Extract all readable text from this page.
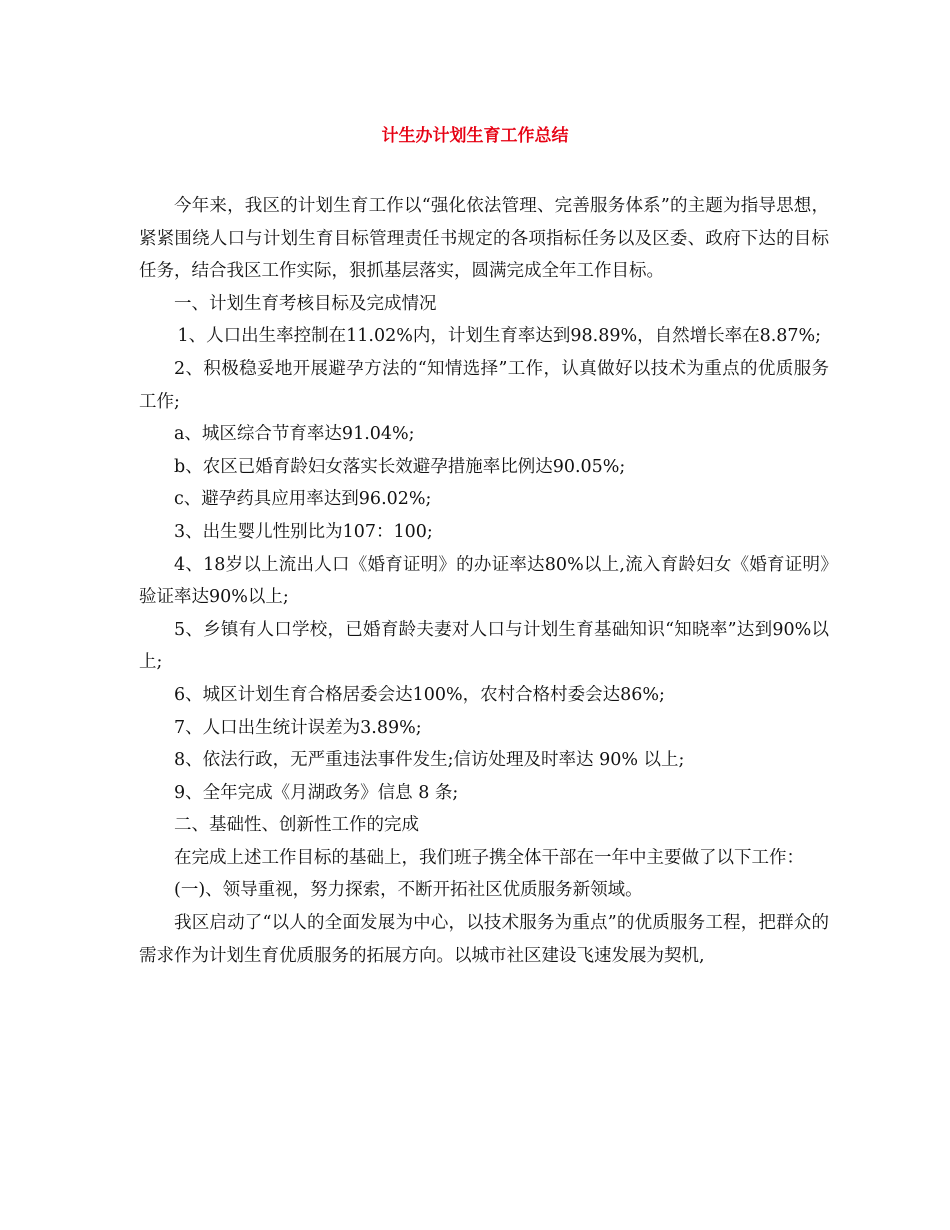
计生办计划生育工作总结

今年来，我区的计划生育工作以“强化依法管理、完善服务体系”的主题为指导思想，紧紧围绕人口与计划生育目标管理责任书规定的各项指标任务以及区委、政府下达的目标任务，结合我区工作实际，狠抓基层落实，圆满完成全年工作目标。

一、计划生育考核目标及完成情况

1、人口出生率控制在11.02%内，计划生育率达到98.89%，自然增长率在8.87%;

2、积极稳妥地开展避孕方法的“知情选择”工作，认真做好以技术为重点的优质服务工作;

a、城区综合节育率达91.04%;

b、农区已婚育龄妇女落实长效避孕措施率比例达90.05%;

c、避孕药具应用率达到96.02%;

3、出生婴儿性别比为107：100;

4、18岁以上流出人口《婚育证明》的办证率达80%以上,流入育龄妇女《婚育证明》验证率达90%以上;

5、乡镇有人口学校，已婚育龄夫妻对人口与计划生育基础知识“知晓率”达到90%以上;

6、城区计划生育合格居委会达100%，农村合格村委会达86%;

7、人口出生统计误差为3.89%;

8、依法行政，无严重违法事件发生;信访处理及时率达 90% 以上;

9、全年完成《月湖政务》信息 8 条;

二、基础性、创新性工作的完成

在完成上述工作目标的基础上，我们班子携全体干部在一年中主要做了以下工作：

(一)、领导重视，努力探索，不断开拓社区优质服务新领域。

我区启动了“以人的全面发展为中心，以技术服务为重点”的优质服务工程，把群众的需求作为计划生育优质服务的拓展方向。以城市社区建设飞速发展为契机,
